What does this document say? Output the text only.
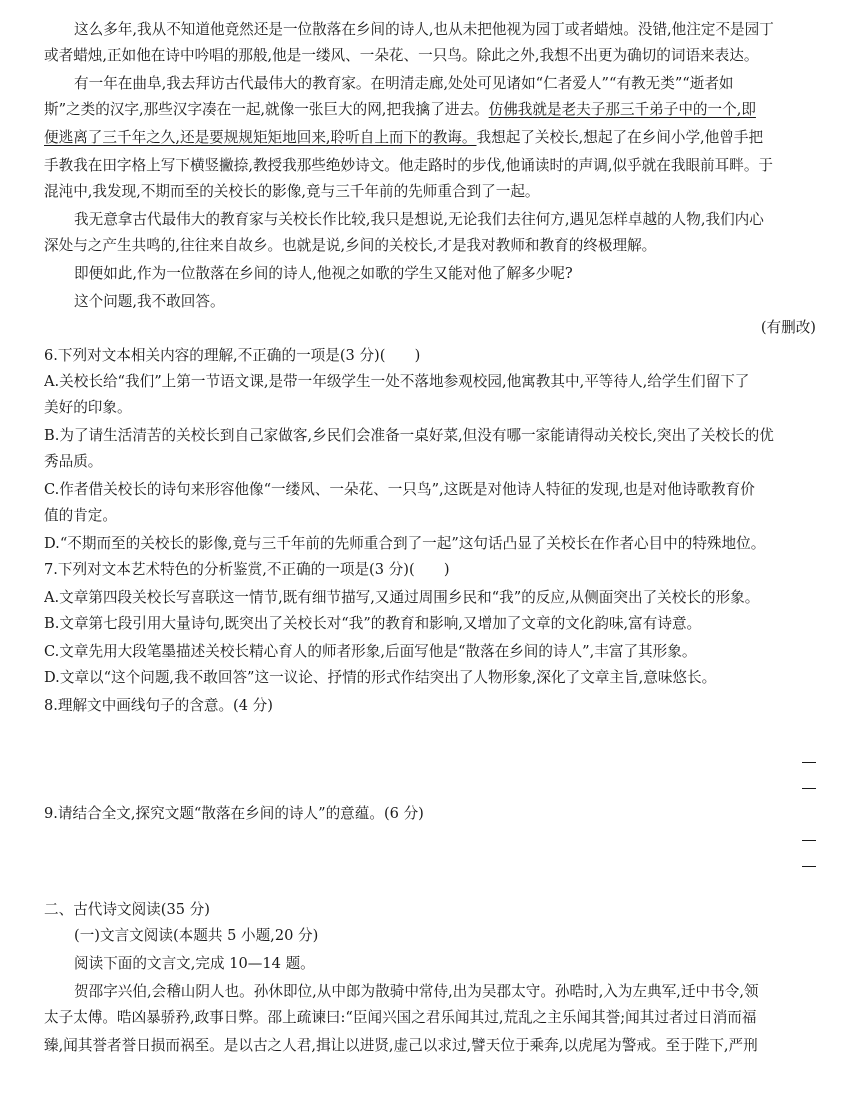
这么多年,我从不知道他竟然还是一位散落在乡间的诗人,也从未把他视为园丁或者蜡烛。没错,他注定不是园丁
或者蜡烛,正如他在诗中吟唱的那般,他是一缕风、一朵花、一只鸟。除此之外,我想不出更为确切的词语来表达。
有一年在曲阜,我去拜访古代最伟大的教育家。在明清走廊,处处可见诸如“仁者爱人”“有教无类”“逝者如
斯”之类的汉字,那些汉字凑在一起,就像一张巨大的网,把我擒了进去。仿佛我就是老夫子那三千弟子中的一个,即
便逃离了三千年之久,还是要规规矩矩地回来,聆听自上而下的教诲。我想起了关校长,想起了在乡间小学,他曾手把
手教我在田字格上写下横竖撇捺,教授我那些绝妙诗文。他走路时的步伐,他诵读时的声调,似乎就在我眼前耳畔。于
混沌中,我发现,不期而至的关校长的影像,竟与三千年前的先师重合到了一起。
我无意拿古代最伟大的教育家与关校长作比较,我只是想说,无论我们去往何方,遇见怎样卓越的人物,我们内心
深处与之产生共鸣的,往往来自故乡。也就是说,乡间的关校长,才是我对教师和教育的终极理解。
即便如此,作为一位散落在乡间的诗人,他视之如歌的学生又能对他了解多少呢?
这个问题,我不敢回答。
(有删改)
6.下列对文本相关内容的理解,不正确的一项是(3 分)(　　)
A.关校长给“我们”上第一节语文课,是带一年级学生一处不落地参观校园,他寓教其中,平等待人,给学生们留下了
美好的印象。
B.为了请生活清苦的关校长到自己家做客,乡民们会准备一桌好菜,但没有哪一家能请得动关校长,突出了关校长的优
秀品质。
C.作者借关校长的诗句来形容他像“一缕风、一朵花、一只鸟”,这既是对他诗人特征的发现,也是对他诗歌教育价
值的肯定。
D.“不期而至的关校长的影像,竟与三千年前的先师重合到了一起”这句话凸显了关校长在作者心目中的特殊地位。
7.下列对文本艺术特色的分析鉴赏,不正确的一项是(3 分)(　　)
A.文章第四段关校长写喜联这一情节,既有细节描写,又通过周围乡民和“我”的反应,从侧面突出了关校长的形象。
B.文章第七段引用大量诗句,既突出了关校长对“我”的教育和影响,又增加了文章的文化韵味,富有诗意。
C.文章先用大段笔墨描述关校长精心育人的师者形象,后面写他是“散落在乡间的诗人”,丰富了其形象。
D.文章以“这个问题,我不敢回答”这一议论、抒情的形式作结突出了人物形象,深化了文章主旨,意味悠长。
8.理解文中画线句子的含意。(4 分)
9.请结合全文,探究文题“散落在乡间的诗人”的意蕴。(6 分)
二、古代诗文阅读(35 分)
(一)文言文阅读(本题共 5 小题,20 分)
阅读下面的文言文,完成 10—14 题。
贺邵字兴伯,会稽山阴人也。孙休即位,从中郎为散骑中常侍,出为吴郡太守。孙晧时,入为左典军,迁中书令,领
太子太傅。晧凶暴骄矜,政事日弊。邵上疏谏曰:“臣闻兴国之君乐闻其过,荒乱之主乐闻其誉;闻其过者过日消而福
臻,闻其誉者誉日损而祸至。是以古之人君,揖让以进贤,虚己以求过,譬天位于乘奔,以虎尾为警戒。至于陛下,严刑
